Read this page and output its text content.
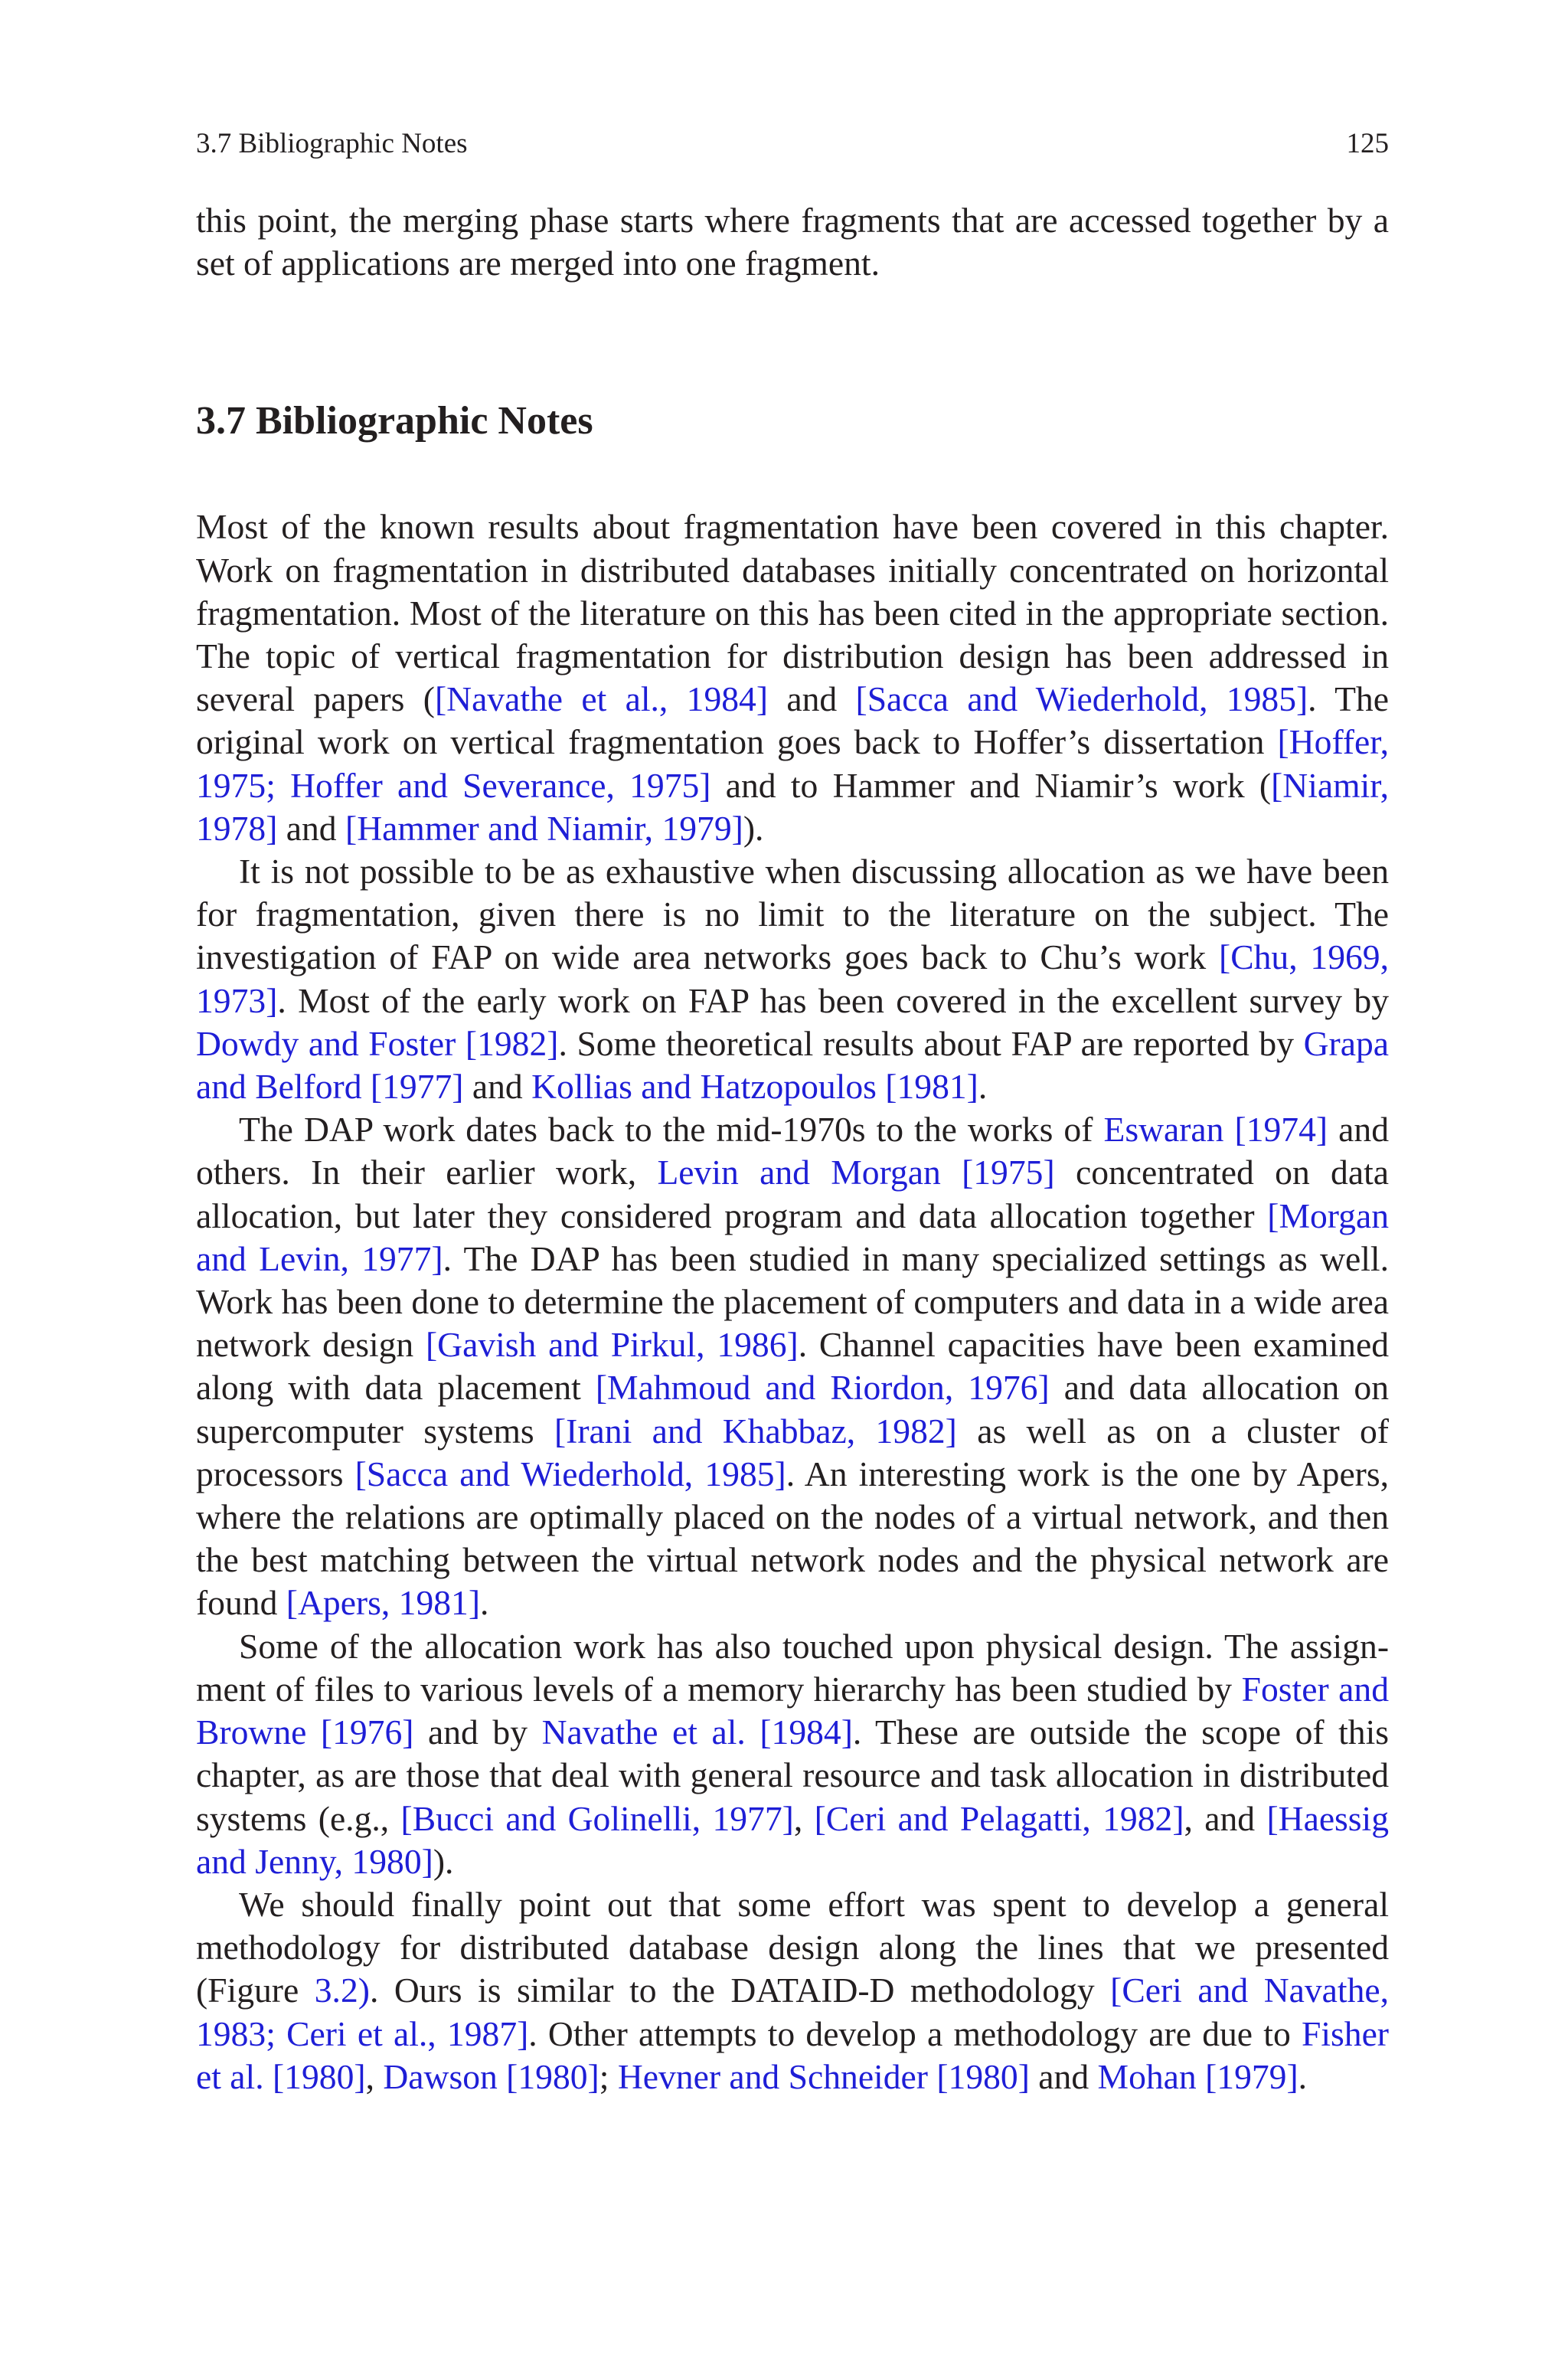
3.7 Bibliographic Notes	125

this point, the merging phase starts where fragments that are accessed together by a set of applications are merged into one fragment.

3.7 Bibliographic Notes

Most of the known results about fragmentation have been covered in this chapter. Work on fragmentation in distributed databases initially concentrated on horizontal fragmentation. Most of the literature on this has been cited in the appropriate section. The topic of vertical fragmentation for distribution design has been addressed in several papers ([Navathe et al., 1984] and [Sacca and Wiederhold, 1985]. The original work on vertical fragmentation goes back to Hoffer’s dissertation [Hoffer, 1975; Hoffer and Severance, 1975] and to Hammer and Niamir’s work ([Niamir, 1978] and [Hammer and Niamir, 1979]).

It is not possible to be as exhaustive when discussing allocation as we have been for fragmentation, given there is no limit to the literature on the subject. The investigation of FAP on wide area networks goes back to Chu’s work [Chu, 1969, 1973]. Most of the early work on FAP has been covered in the excellent survey by Dowdy and Foster [1982]. Some theoretical results about FAP are reported by Grapa and Belford [1977] and Kollias and Hatzopoulos [1981].

The DAP work dates back to the mid-1970s to the works of Eswaran [1974] and others. In their earlier work, Levin and Morgan [1975] concentrated on data allocation, but later they considered program and data allocation together [Morgan and Levin, 1977]. The DAP has been studied in many specialized settings as well. Work has been done to determine the placement of computers and data in a wide area network design [Gavish and Pirkul, 1986]. Channel capacities have been examined along with data placement [Mahmoud and Riordon, 1976] and data allocation on supercomputer systems [Irani and Khabbaz, 1982] as well as on a cluster of processors [Sacca and Wiederhold, 1985]. An interesting work is the one by Apers, where the relations are optimally placed on the nodes of a virtual network, and then the best matching between the virtual network nodes and the physical network are found [Apers, 1981].

Some of the allocation work has also touched upon physical design. The assignment of files to various levels of a memory hierarchy has been studied by Foster and Browne [1976] and by Navathe et al. [1984]. These are outside the scope of this chapter, as are those that deal with general resource and task allocation in distributed systems (e.g., [Bucci and Golinelli, 1977], [Ceri and Pelagatti, 1982], and [Haessig and Jenny, 1980]).

We should finally point out that some effort was spent to develop a general methodology for distributed database design along the lines that we presented (Figure 3.2). Ours is similar to the DATAID-D methodology [Ceri and Navathe, 1983; Ceri et al., 1987]. Other attempts to develop a methodology are due to Fisher et al. [1980], Dawson [1980]; Hevner and Schneider [1980] and Mohan [1979].
